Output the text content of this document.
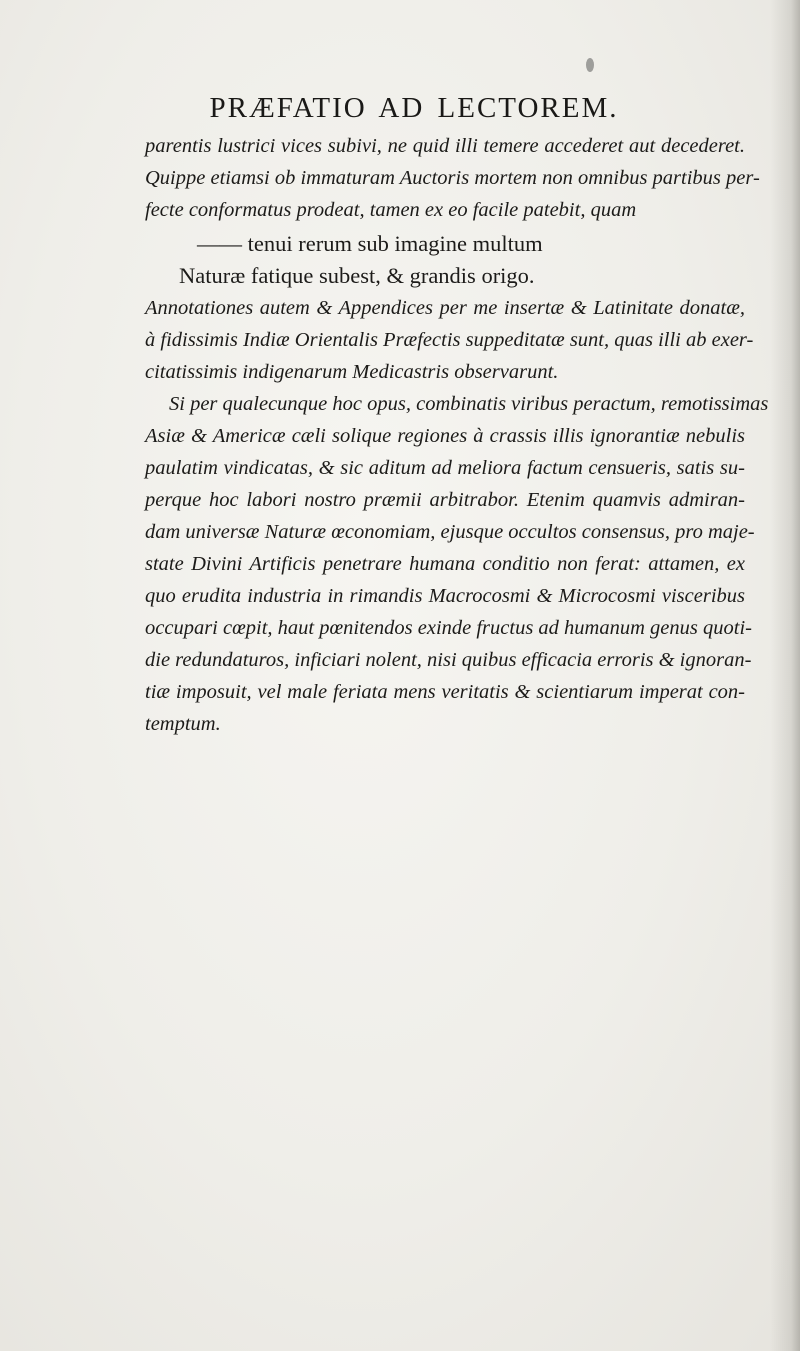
PRÆFATIO AD LECTOREM.
parentis lustrici vices subivi, ne quid illi temere accederet aut decederet.
Quippe etiamsi ob immaturam Auctoris mortem non omnibus partibus per-
fecte conformatus prodeat, tamen ex eo facile patebit, quam
—— tenui rerum sub imagine multum
Naturæ fatique subest, & grandis origo.
Annotationes autem & Appendices per me insertæ & Latinitate donatæ,
à fidissimis Indiæ Orientalis Præfectis suppeditatæ sunt, quas illi ab exer-
citatissimis indigenarum Medicastris observarunt.
Si per qualecunque hoc opus, combinatis viribus peractum, remotissimas
Asiæ & Americæ cæli solique regiones à crassis illis ignorantiæ nebulis
paulatim vindicatas, & sic aditum ad meliora factum censueris, satis su-
perque hoc labori nostro præmii arbitrabor. Etenim quamvis admiran-
dam universæ Naturæ œconomiam, ejusque occultos consensus, pro maje-
state Divini Artificis penetrare humana conditio non ferat: attamen, ex
quo erudita industria in rimandis Macrocosmi & Microcosmi visceribus
occupari cœpit, haut pœnitendos exinde fructus ad humanum genus quoti-
die redundaturos, inficiari nolent, nisi quibus efficacia erroris & ignoran-
tiæ imposuit, vel male feriata mens veritatis & scientiarum imperat con-
temptum.
